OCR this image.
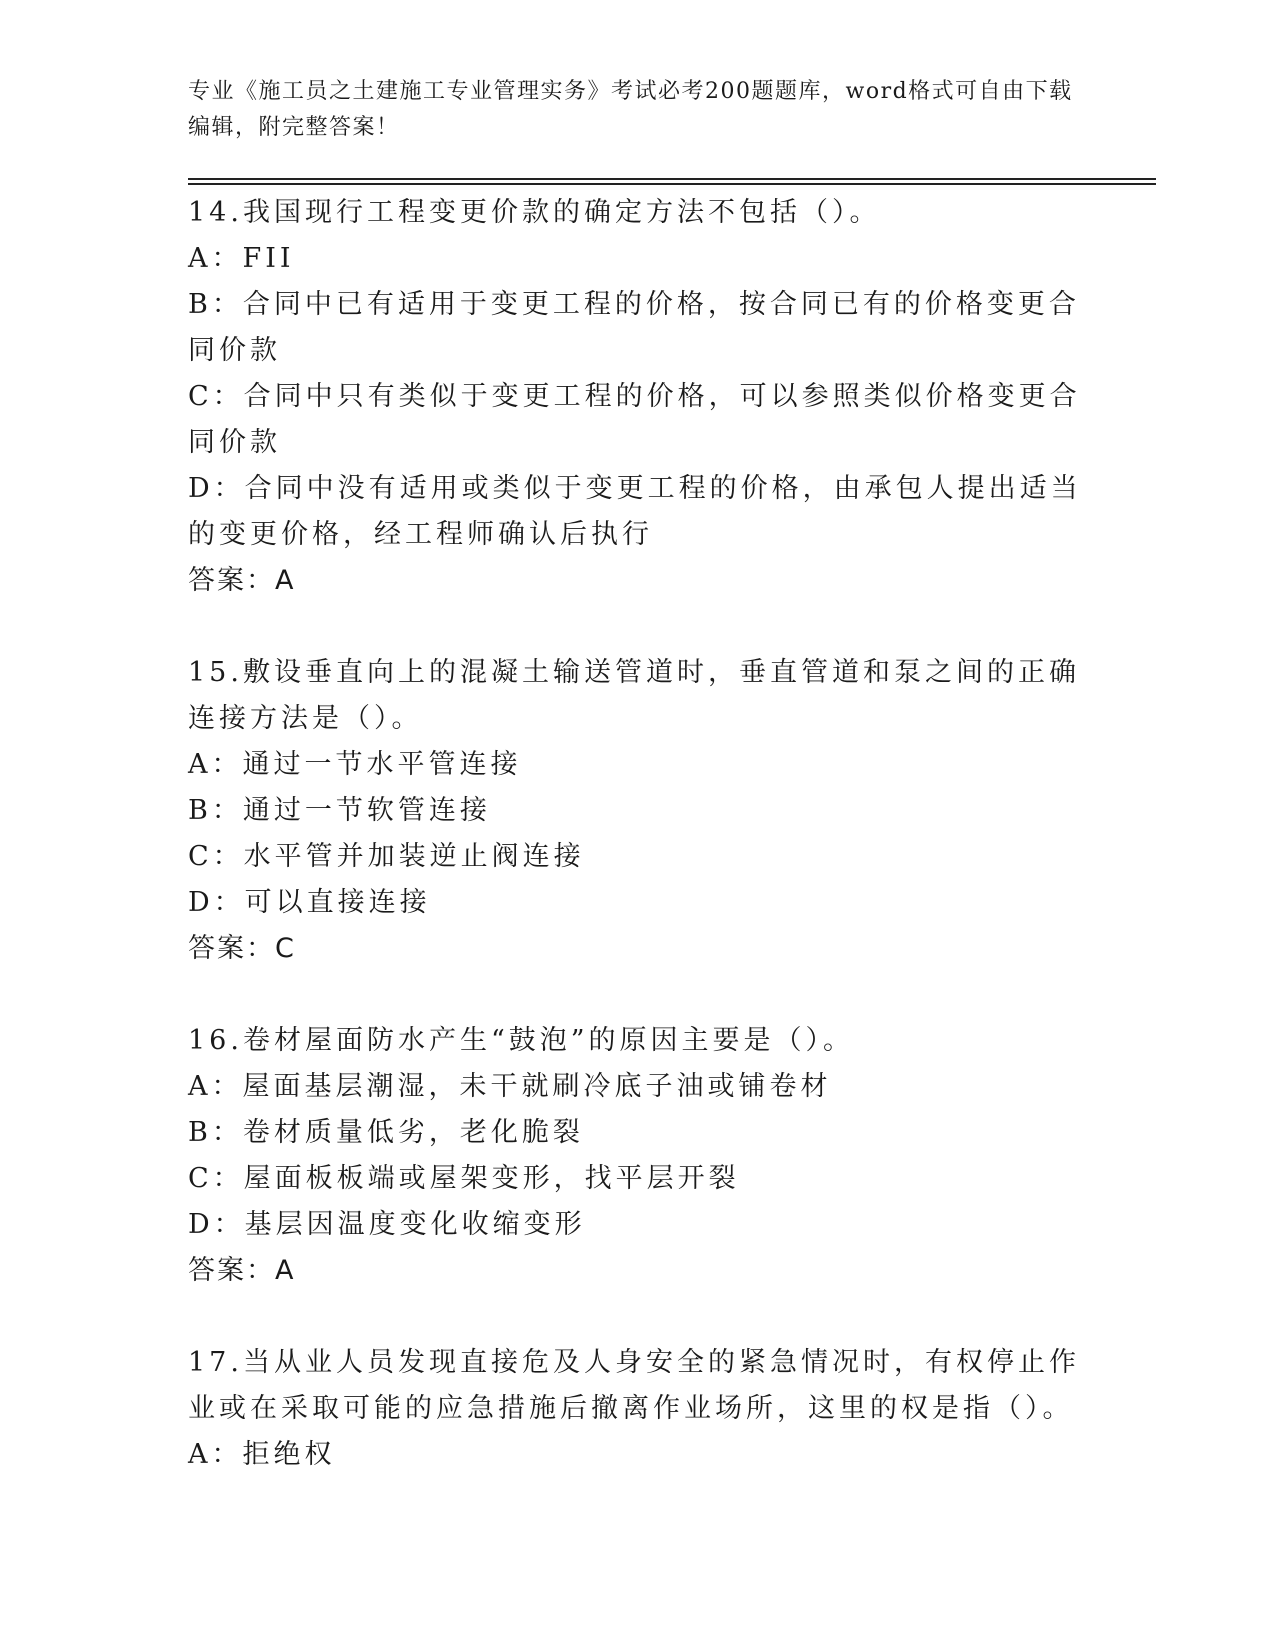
专业《施工员之土建施工专业管理实务》考试必考200题题库，word格式可自由下载编辑，附完整答案！

14.我国现行工程变更价款的确定方法不包括（）。

A：FII

B：合同中已有适用于变更工程的价格，按合同已有的价格变更合同价款

C：合同中只有类似于变更工程的价格，可以参照类似价格变更合同价款

D：合同中没有适用或类似于变更工程的价格，由承包人提出适当的变更价格，经工程师确认后执行

答案：A

15.敷设垂直向上的混凝土输送管道时，垂直管道和泵之间的正确连接方法是（）。

A：通过一节水平管连接

B：通过一节软管连接

C：水平管并加装逆止阀连接

D：可以直接连接

答案：C

16.卷材屋面防水产生“鼓泡”的原因主要是（）。

A：屋面基层潮湿，未干就刷冷底子油或铺卷材

B：卷材质量低劣，老化脆裂

C：屋面板板端或屋架变形，找平层开裂

D：基层因温度变化收缩变形

答案：A

17.当从业人员发现直接危及人身安全的紧急情况时，有权停止作业或在采取可能的应急措施后撤离作业场所，这里的权是指（）。

A：拒绝权
